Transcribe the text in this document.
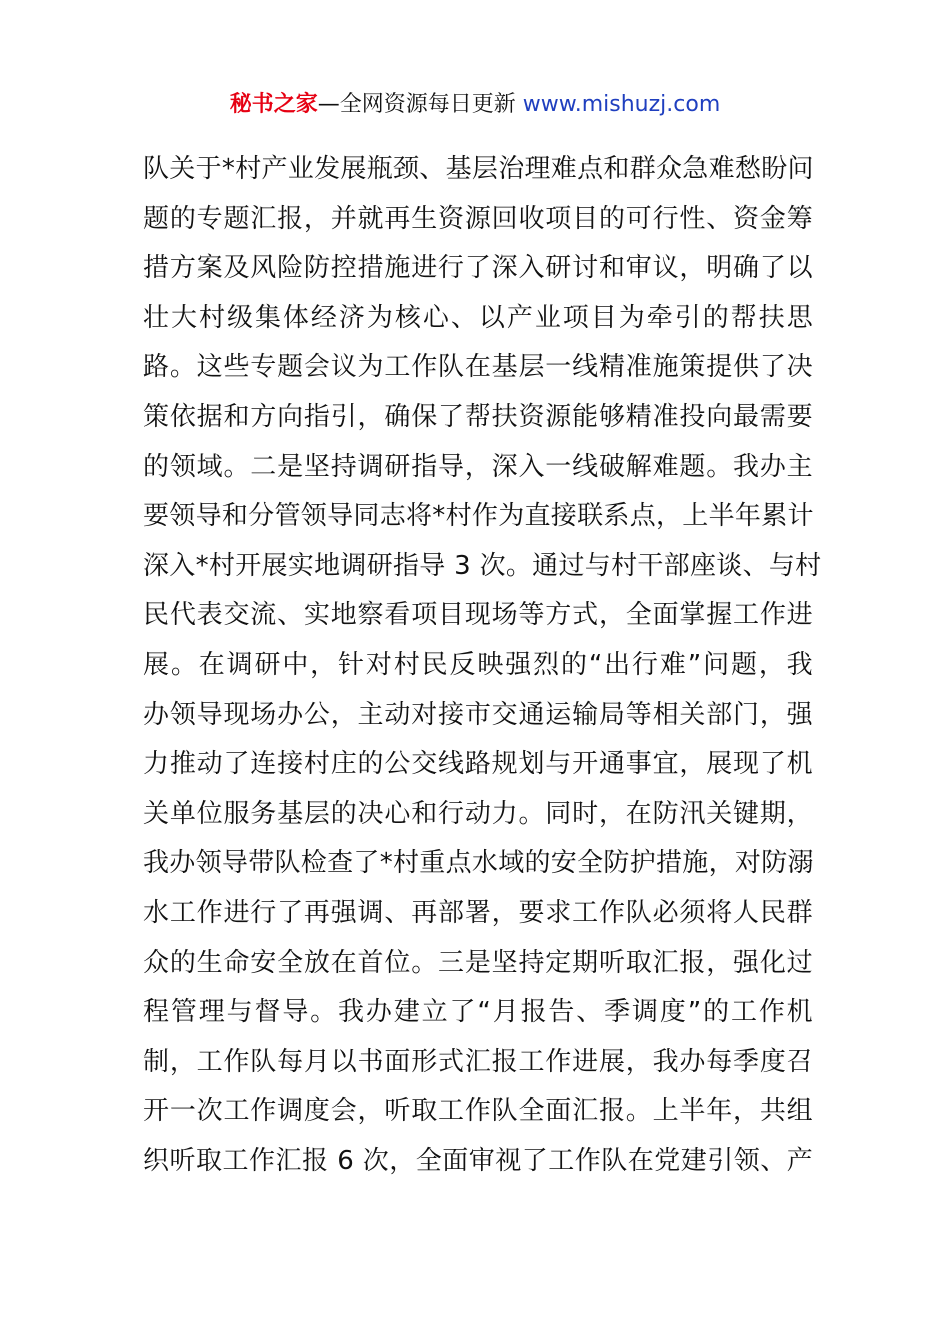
秘书之家—全网资源每日更新 www.mishuzj.com
队关于*村产业发展瓶颈、基层治理难点和群众急难愁盼问
题的专题汇报，并就再生资源回收项目的可行性、资金筹
措方案及风险防控措施进行了深入研讨和审议，明确了以
壮大村级集体经济为核心、以产业项目为牵引的帮扶思
路。这些专题会议为工作队在基层一线精准施策提供了决
策依据和方向指引，确保了帮扶资源能够精准投向最需要
的领域。二是坚持调研指导，深入一线破解难题。我办主
要领导和分管领导同志将*村作为直接联系点，上半年累计
深入*村开展实地调研指导 3 次。通过与村干部座谈、与村
民代表交流、实地察看项目现场等方式，全面掌握工作进
展。在调研中，针对村民反映强烈的“出行难”问题，我
办领导现场办公，主动对接市交通运输局等相关部门，强
力推动了连接村庄的公交线路规划与开通事宜，展现了机
关单位服务基层的决心和行动力。同时，在防汛关键期，
我办领导带队检查了*村重点水域的安全防护措施，对防溺
水工作进行了再强调、再部署，要求工作队必须将人民群
众的生命安全放在首位。三是坚持定期听取汇报，强化过
程管理与督导。我办建立了“月报告、季调度”的工作机
制，工作队每月以书面形式汇报工作进展，我办每季度召
开一次工作调度会，听取工作队全面汇报。上半年，共组
织听取工作汇报 6 次，全面审视了工作队在党建引领、产
